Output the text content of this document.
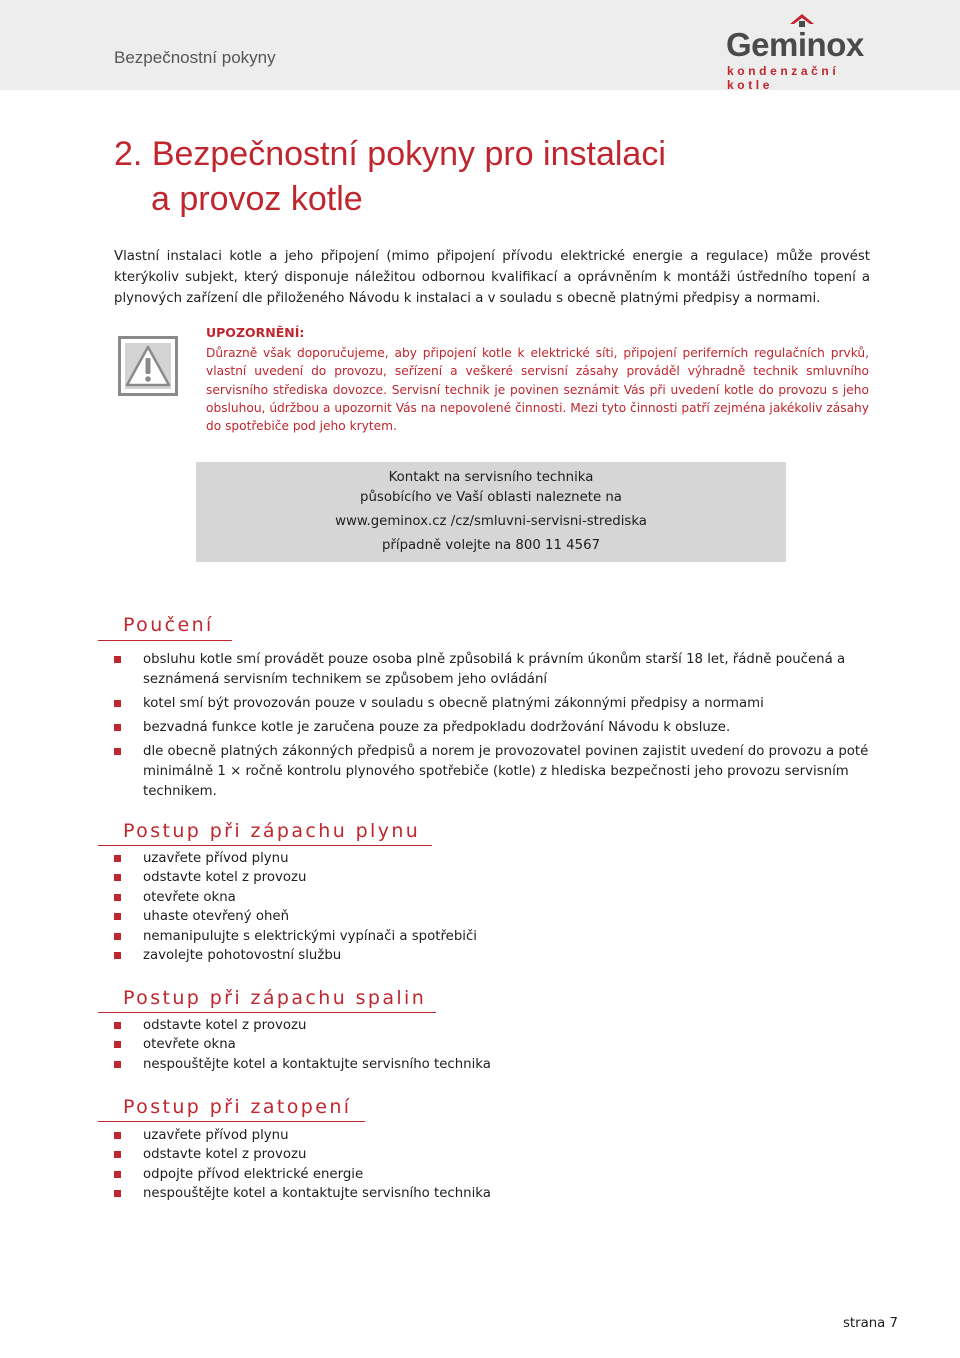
Bezpečnostní pokyny	Geminox
kondenzační kotle
2. Bezpečnostní pokyny pro instalaci
a provoz kotle

Vlastní instalaci kotle a jeho připojení (mimo připojení přívodu elektrické energie a regulace) může provést kterýkoliv subjekt, který disponuje náležitou odbornou kvalifikací a oprávněním k montáži ústředního topení a plynových zařízení dle přiloženého Návodu k instalaci a v souladu s obecně platnými předpisy a normami.

UPOZORNĚNÍ:
Důrazně však doporučujeme, aby připojení kotle k elektrické síti, připojení periferních regulačních prvků, vlastní uvedení do provozu, seřízení a veškeré servisní zásahy prováděl výhradně technik smluvního servisního střediska dovozce. Servisní technik je povinen seznámit Vás při uvedení kotle do provozu s jeho obsluhou, údržbou a upozornit Vás na nepovolené činnosti. Mezi tyto činnosti patří zejména jakékoliv zásahy do spotřebiče pod jeho krytem.
Kontakt na servisního technika
působícího ve Vaší oblasti naleznete na
www.geminox.cz /cz/smluvni-servisni-strediska
případně volejte na 800 11 4567
Poučení
obsluhu kotle smí provádět pouze osoba plně způsobilá k právním úkonům starší 18 let, řádně poučená a seznámená servisním technikem se způsobem jeho ovládání
kotel smí být provozován pouze v souladu s obecně platnými zákonnými předpisy a normami
bezvadná funkce kotle je zaručena pouze za předpokladu dodržování Návodu k obsluze.
dle obecně platných zákonných předpisů a norem je provozovatel povinen zajistit uvedení do provozu a poté minimálně 1 × ročně kontrolu plynového spotřebiče (kotle) z hlediska bezpečnosti jeho provozu servisním technikem.
Postup při zápachu plynu
uzavřete přívod plynu
odstavte kotel z provozu
otevřete okna
uhaste otevřený oheň
nemanipulujte s elektrickými vypínači a spotřebiči
zavolejte pohotovostní službu
Postup při zápachu spalin
odstavte kotel z provozu
otevřete okna
nespouštějte kotel a kontaktujte servisního technika
Postup při zatopení
uzavřete přívod plynu
odstavte kotel z provozu
odpojte přívod elektrické energie
nespouštějte kotel a kontaktujte servisního technika
strana 7
